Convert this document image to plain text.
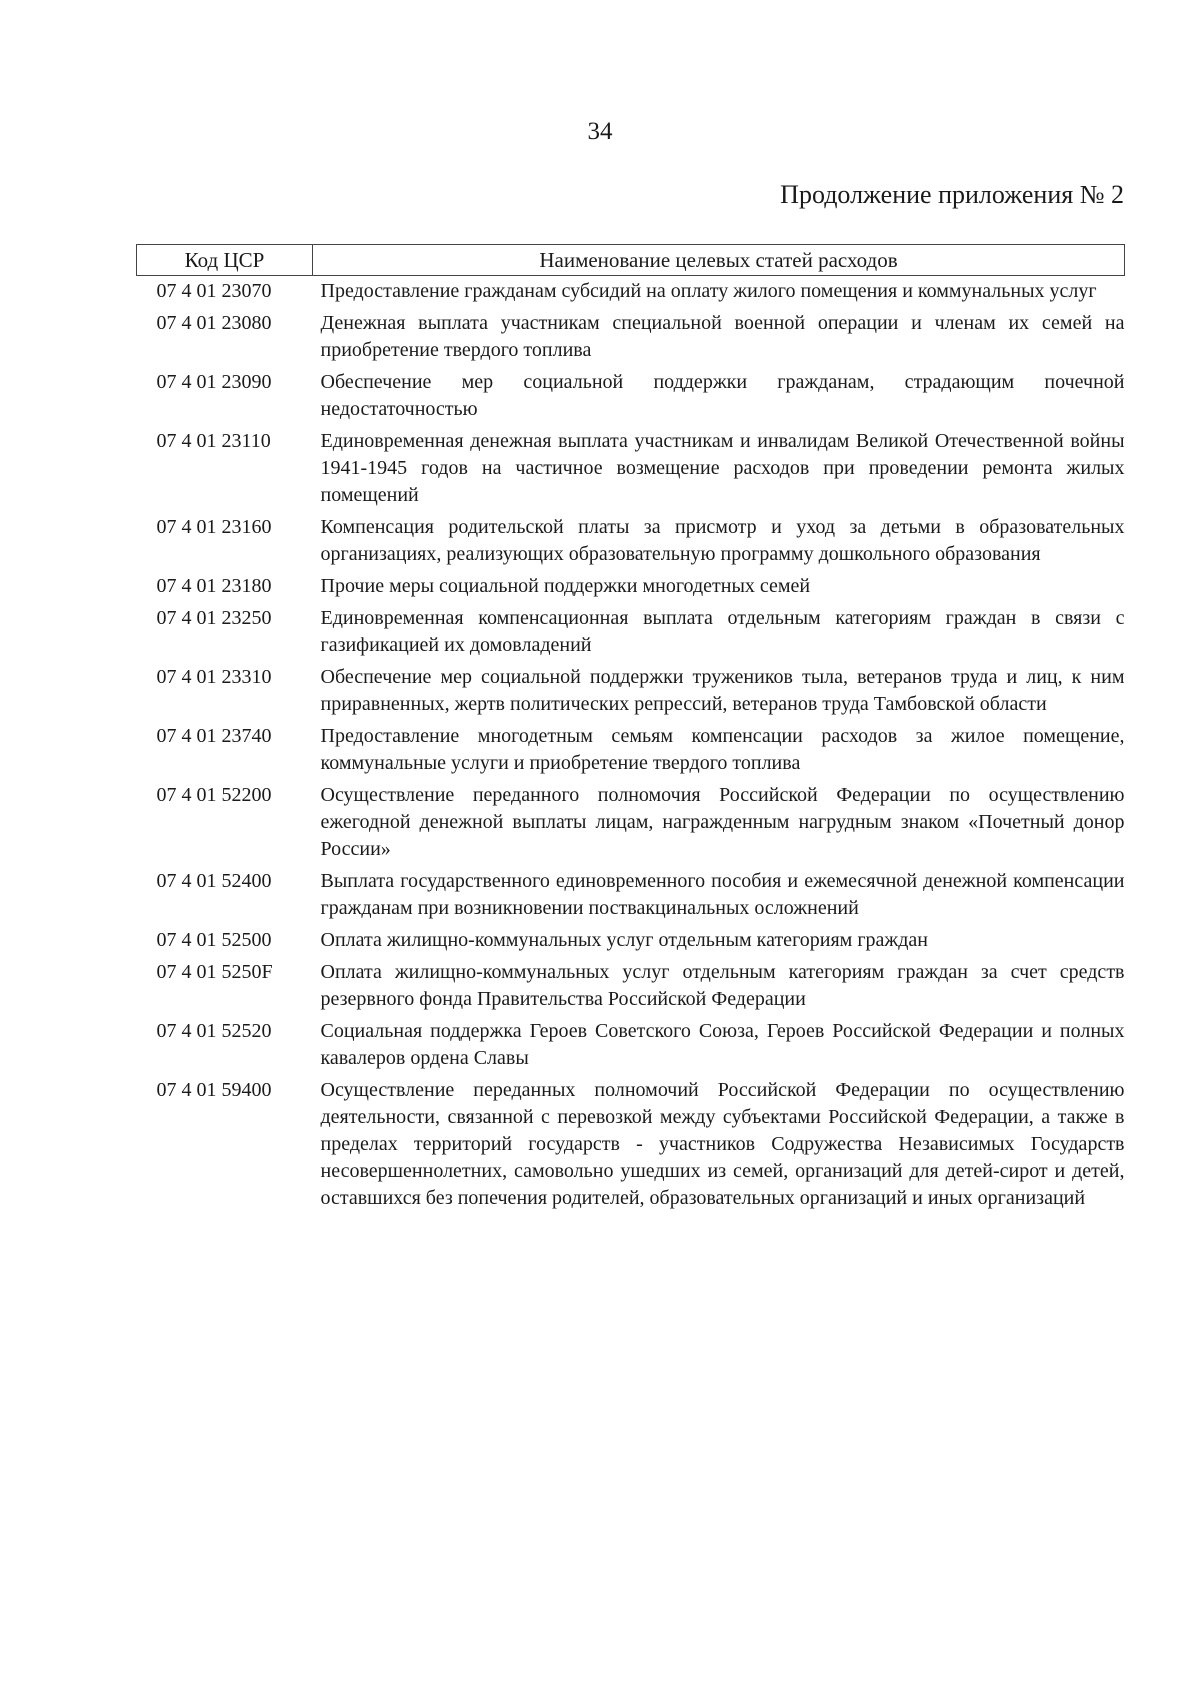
34
Продолжение приложения № 2
Код ЦСР	Наименование целевых статей расходов
07 4 01 23070	Предоставление гражданам субсидий на оплату жилого помещения и коммунальных услуг
07 4 01 23080	Денежная выплата участникам специальной военной операции и членам их семей на приобретение твердого топлива
07 4 01 23090	Обеспечение мер социальной поддержки гражданам, страдающим почечной недостаточностью
07 4 01 23110	Единовременная денежная выплата участникам и инвалидам Великой Отечественной войны 1941-1945 годов на частичное возмещение расходов при проведении ремонта жилых помещений
07 4 01 23160	Компенсация родительской платы за присмотр и уход за детьми в образовательных организациях, реализующих образовательную программу дошкольного образования
07 4 01 23180	Прочие меры социальной поддержки многодетных семей
07 4 01 23250	Единовременная компенсационная выплата отдельным категориям граждан в связи с газификацией их домовладений
07 4 01 23310	Обеспечение мер социальной поддержки тружеников тыла, ветеранов труда и лиц, к ним приравненных, жертв политических репрессий, ветеранов труда Тамбовской области
07 4 01 23740	Предоставление многодетным семьям компенсации расходов за жилое помещение, коммунальные услуги и приобретение твердого топлива
07 4 01 52200	Осуществление переданного полномочия Российской Федерации по осуществлению ежегодной денежной выплаты лицам, награжденным нагрудным знаком «Почетный донор России»
07 4 01 52400	Выплата государственного единовременного пособия и ежемесячной денежной компенсации гражданам при возникновении поствакцинальных осложнений
07 4 01 52500	Оплата жилищно-коммунальных услуг отдельным категориям граждан
07 4 01 5250F	Оплата жилищно-коммунальных услуг отдельным категориям граждан за счет средств резервного фонда Правительства Российской Федерации
07 4 01 52520	Социальная поддержка Героев Советского Союза, Героев Российской Федерации и полных кавалеров ордена Славы
07 4 01 59400	Осуществление переданных полномочий Российской Федерации по осуществлению деятельности, связанной с перевозкой между субъектами Российской Федерации, а также в пределах территорий государств - участников Содружества Независимых Государств несовершеннолетних, самовольно ушедших из семей, организаций для детей-сирот и детей, оставшихся без попечения родителей, образовательных организаций и иных организаций
